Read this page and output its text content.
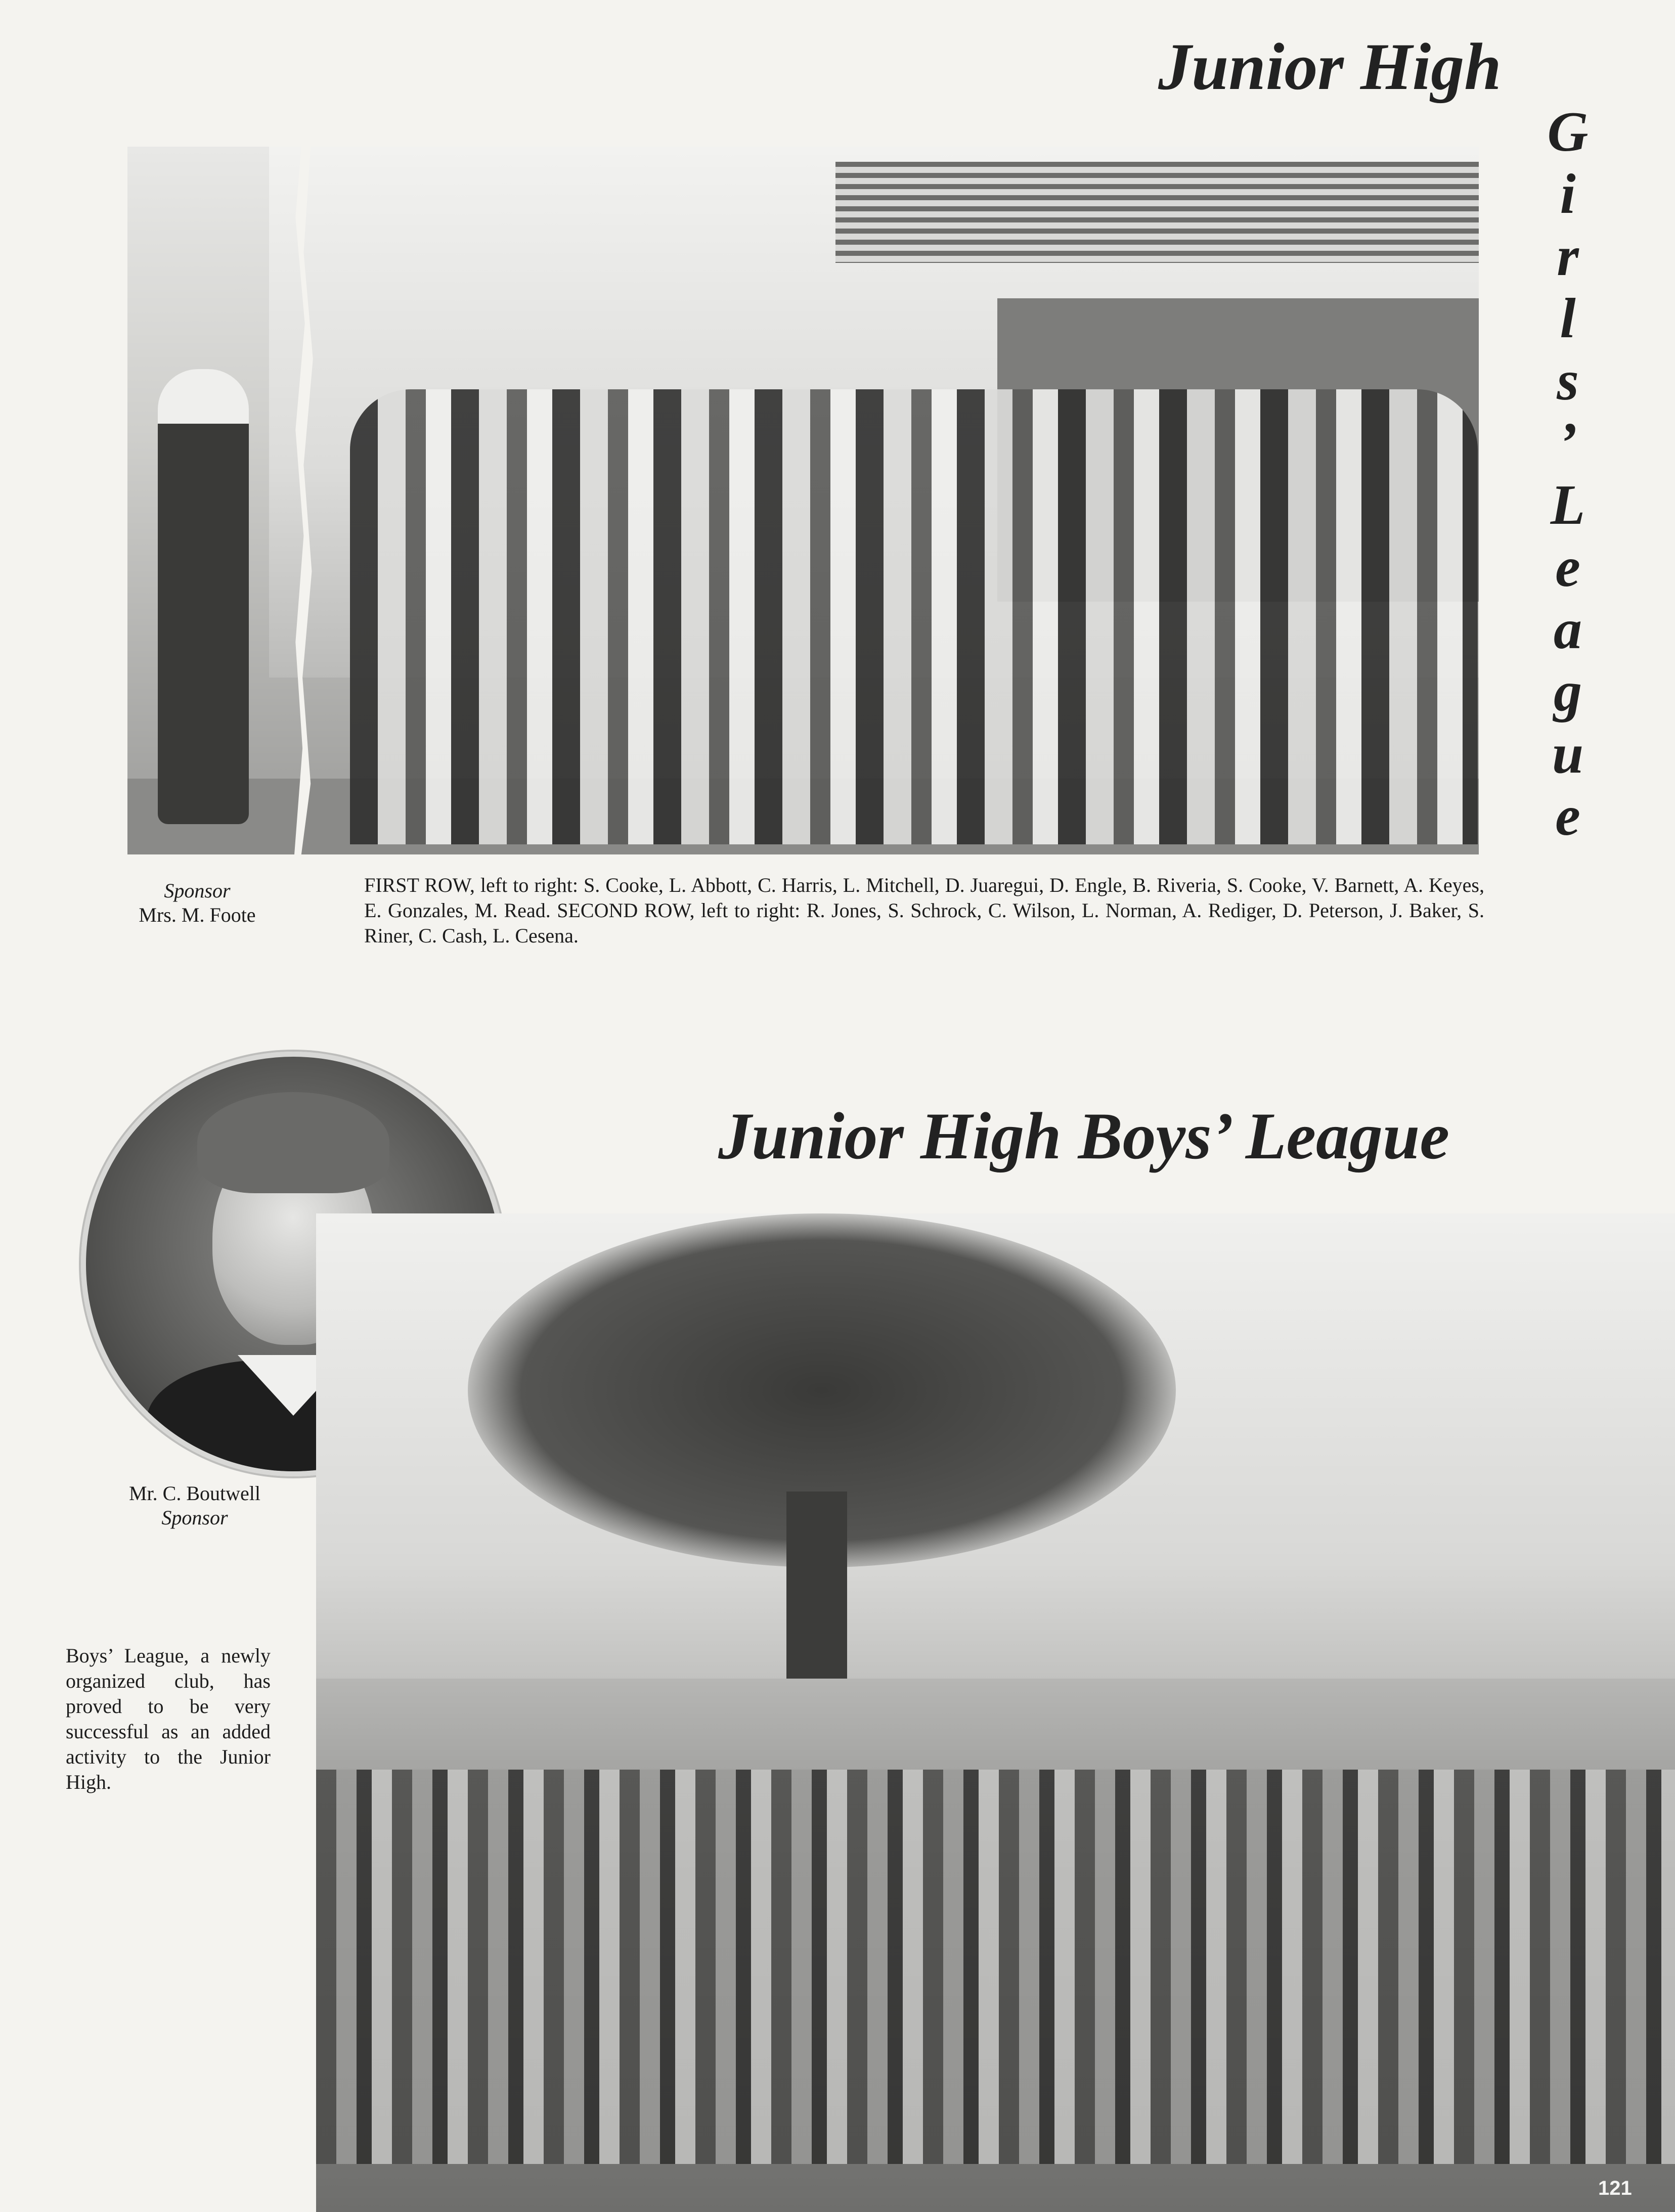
Junior High
G
i
r
l
s
’
L
e
a
g
u
e
Sponsor
Mrs. M. Foote
FIRST ROW, left to right: S. Cooke, L. Abbott, C. Harris, L. Mitchell, D. Juaregui, D. Engle, B. Riveria, S. Cooke, V. Barnett, A. Keyes, E. Gonzales, M. Read. SECOND ROW, left to right: R. Jones, S. Schrock, C. Wilson, L. Norman, A. Rediger, D. Peterson, J. Baker, S. Riner, C. Cash, L. Cesena.
Junior High Boys’ League
Mr. C. Boutwell
Sponsor
Boys’ League, a newly organized club, has proved to be very successful as an added activity to the Junior High.
121
